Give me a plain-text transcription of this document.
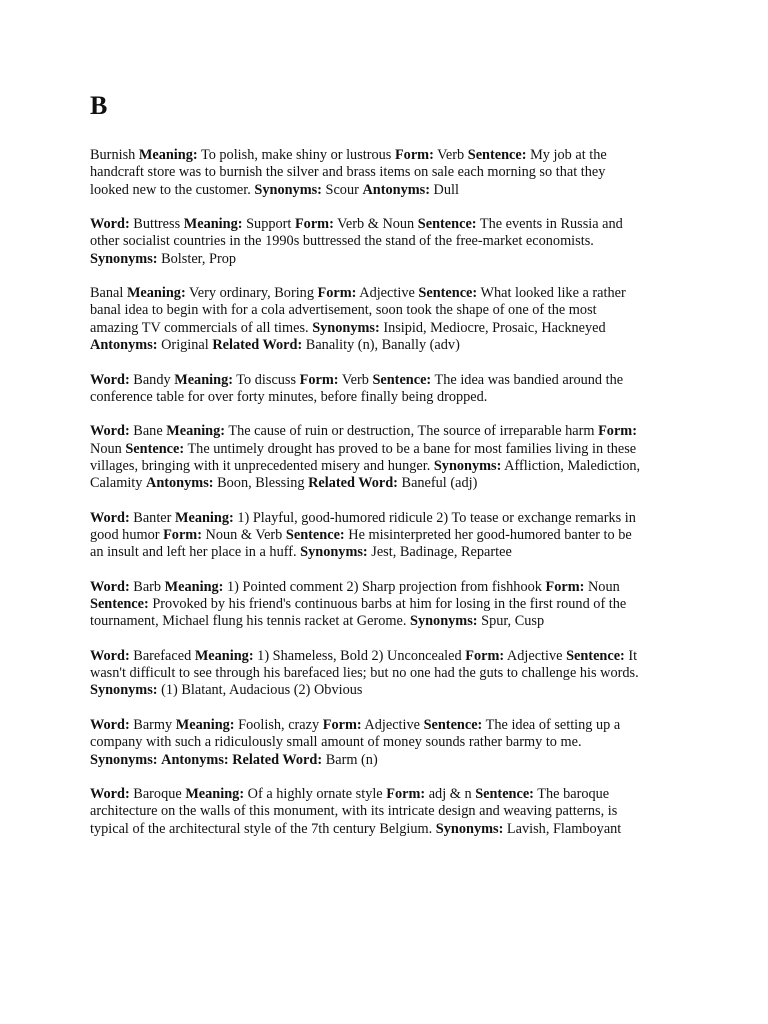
B

Burnish Meaning: To polish, make shiny or lustrous Form: Verb Sentence: My job at the
handcraft store was to burnish the silver and brass items on sale each morning so that they
looked new to the customer. Synonyms: Scour Antonyms: Dull

Word: Buttress Meaning: Support Form: Verb & Noun Sentence: The events in Russia and
other socialist countries in the 1990s buttressed the stand of the free-market economists.
Synonyms: Bolster, Prop

Banal Meaning: Very ordinary, Boring Form: Adjective Sentence: What looked like a rather
banal idea to begin with for a cola advertisement, soon took the shape of one of the most
amazing TV commercials of all times. Synonyms: Insipid, Mediocre, Prosaic, Hackneyed
Antonyms: Original Related Word: Banality (n), Banally (adv)

Word: Bandy Meaning: To discuss Form: Verb Sentence: The idea was bandied around the
conference table for over forty minutes, before finally being dropped.

Word: Bane Meaning: The cause of ruin or destruction, The source of irreparable harm Form:
Noun Sentence: The untimely drought has proved to be a bane for most families living in these
villages, bringing with it unprecedented misery and hunger. Synonyms: Affliction, Malediction,
Calamity Antonyms: Boon, Blessing Related Word: Baneful (adj)

Word: Banter Meaning: 1) Playful, good-humored ridicule 2) To tease or exchange remarks in
good humor Form: Noun & Verb Sentence: He misinterpreted her good-humored banter to be
an insult and left her place in a huff. Synonyms: Jest, Badinage, Repartee

Word: Barb Meaning: 1) Pointed comment 2) Sharp projection from fishhook Form: Noun
Sentence: Provoked by his friend's continuous barbs at him for losing in the first round of the
tournament, Michael flung his tennis racket at Gerome. Synonyms: Spur, Cusp

Word: Barefaced Meaning: 1) Shameless, Bold 2) Unconcealed Form: Adjective Sentence: It
wasn't difficult to see through his barefaced lies; but no one had the guts to challenge his words.
Synonyms: (1) Blatant, Audacious (2) Obvious

Word: Barmy Meaning: Foolish, crazy Form: Adjective Sentence: The idea of setting up a
company with such a ridiculously small amount of money sounds rather barmy to me.
Synonyms: Antonyms: Related Word: Barm (n)

Word: Baroque Meaning: Of a highly ornate style Form: adj & n Sentence: The baroque
architecture on the walls of this monument, with its intricate design and weaving patterns, is
typical of the architectural style of the 7th century Belgium. Synonyms: Lavish, Flamboyant
